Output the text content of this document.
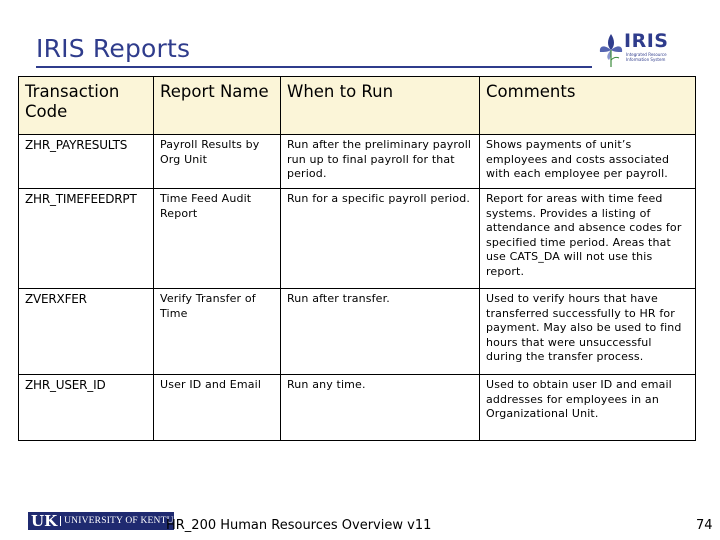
IRIS Reports	IRIS
Integrated Resource Information System
Transaction Code	Report Name	When to Run	Comments
ZHR_PAYRESULTS	Payroll Results by Org Unit	Run after the preliminary payroll run up to final payroll for that period.	Shows payments of unit’s employees and costs associated with each employee per payroll.
ZHR_TIMEFEEDRPT	Time Feed Audit Report	Run for a specific payroll period.	Report for areas with time feed systems. Provides a listing of attendance and absence codes for specified time period. Areas that use CATS_DA will not use this report.
ZVERXFER	Verify Transfer of Time	Run after transfer.	Used to verify hours that have transferred successfully to HR for payment. May also be used to find hours that were unsuccessful during the transfer process.
ZHR_USER_ID	User ID and Email	Run any time.	Used to obtain user ID and email addresses for employees in an Organizational Unit.
UK UNIVERSITY OF KENTUCKY
HR_200 Human Resources Overview v11	74
